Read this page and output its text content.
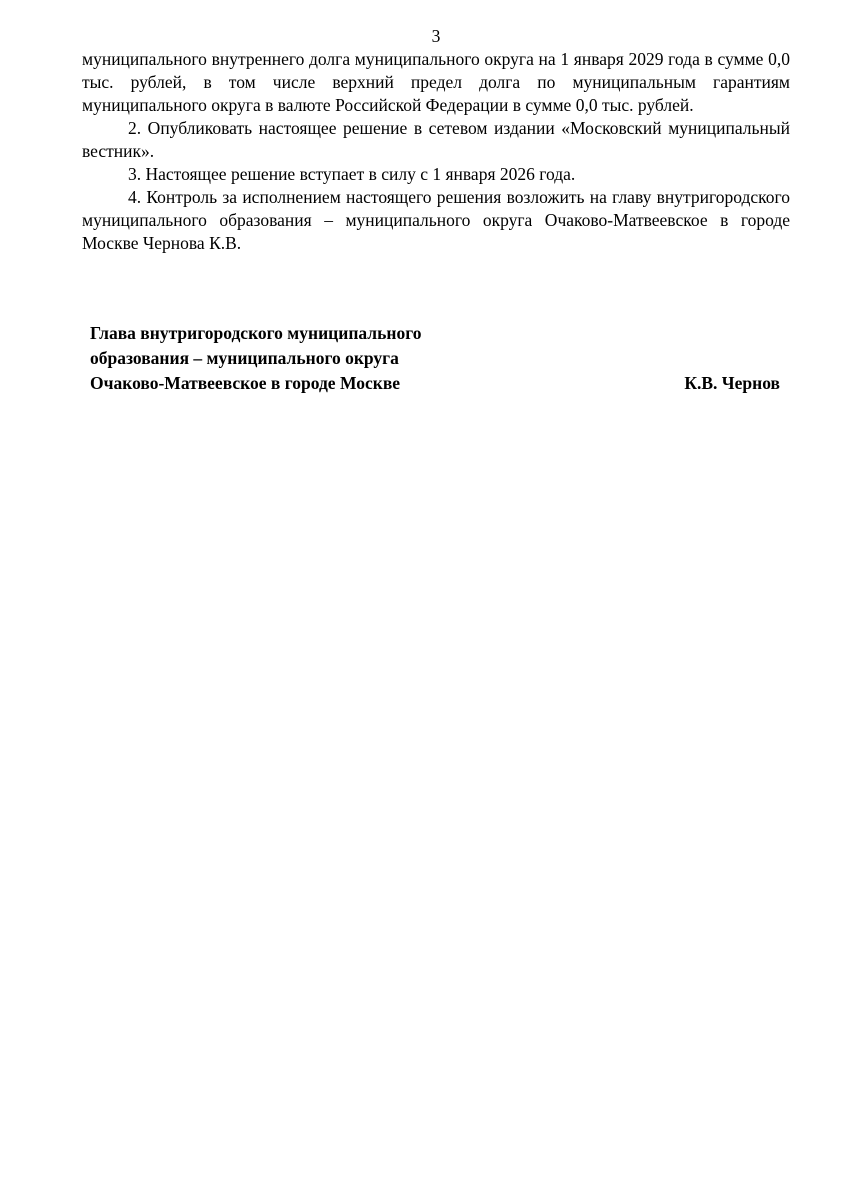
3

муниципального внутреннего долга муниципального округа на 1 января 2029 года в сумме 0,0 тыс. рублей, в том числе верхний предел долга по муниципальным гарантиям муниципального округа в валюте Российской Федерации в сумме 0,0 тыс. рублей.

2. Опубликовать настоящее решение в сетевом издании «Московский муниципальный вестник».

3. Настоящее решение вступает в силу с 1 января 2026 года.

4. Контроль за исполнением настоящего решения возложить на главу внутригородского муниципального образования – муниципального округа Очаково-Матвеевское в городе Москве Чернова К.В.

Глава внутригородского муниципального
образования – муниципального округа
Очаково-Матвеевское в городе Москве	К.В. Чернов
